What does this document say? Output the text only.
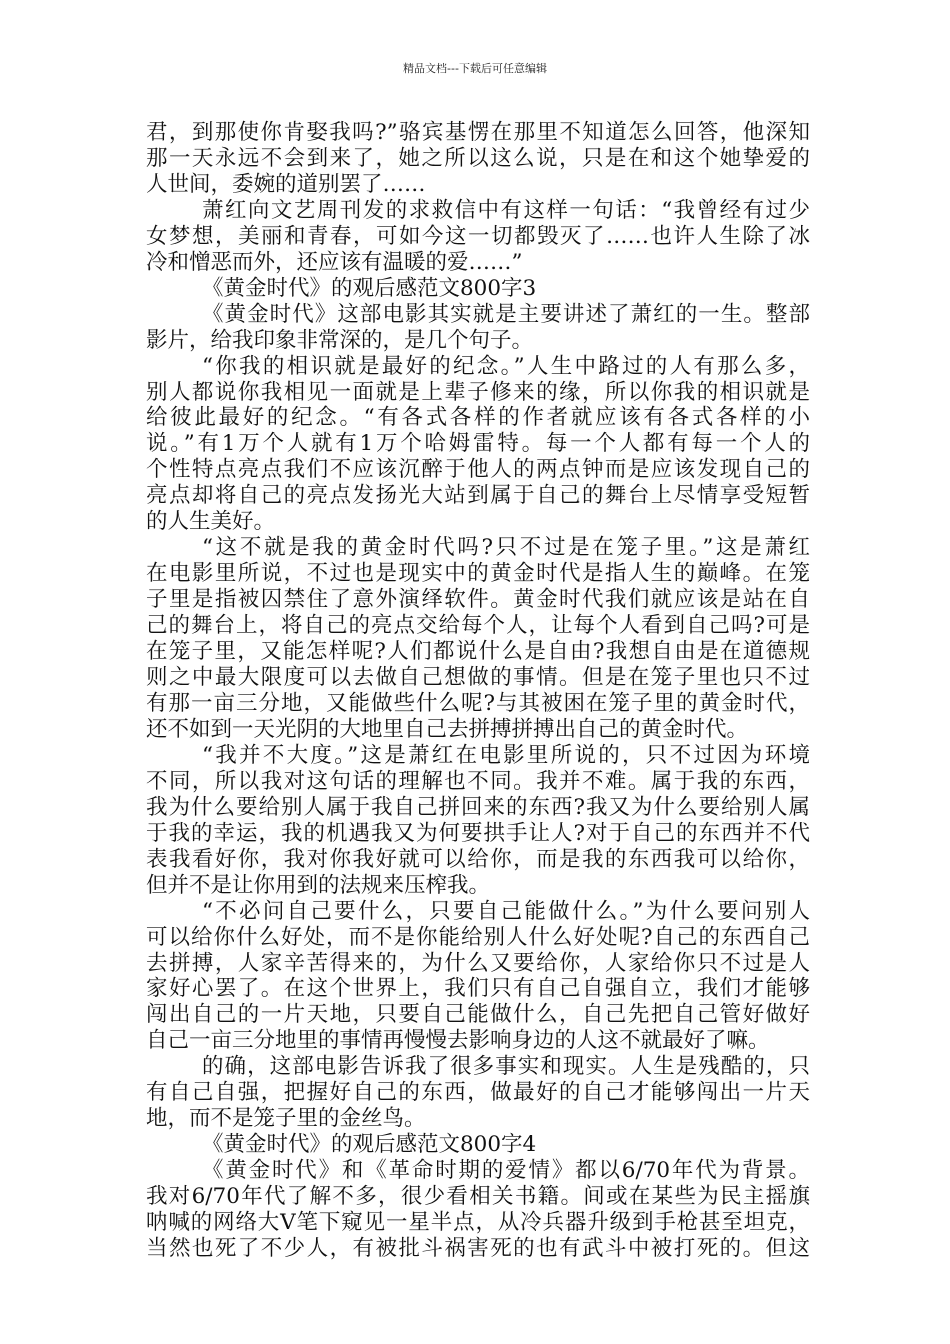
精品文档---下载后可任意编辑
君，到那使你肯娶我吗?”骆宾基愣在那里不知道怎么回答，他深知
那一天永远不会到来了，她之所以这么说，只是在和这个她挚爱的
人世间，委婉的道别罢了……
萧红向文艺周刊发的求救信中有这样一句话：“我曾经有过少
女梦想，美丽和青春，可如今这一切都毁灭了……也许人生除了冰
冷和憎恶而外，还应该有温暖的爱……”
《黄金时代》的观后感范文800字3
《黄金时代》这部电影其实就是主要讲述了萧红的一生。整部
影片，给我印象非常深的，是几个句子。
“你我的相识就是最好的纪念。”人生中路过的人有那么多，
别人都说你我相见一面就是上辈子修来的缘，所以你我的相识就是
给彼此最好的纪念。“有各式各样的作者就应该有各式各样的小
说。”有1万个人就有1万个哈姆雷特。每一个人都有每一个人的
个性特点亮点我们不应该沉醉于他人的两点钟而是应该发现自己的
亮点却将自己的亮点发扬光大站到属于自己的舞台上尽情享受短暂
的人生美好。
“这不就是我的黄金时代吗?只不过是在笼子里。”这是萧红
在电影里所说，不过也是现实中的黄金时代是指人生的巅峰。在笼
子里是指被囚禁住了意外演绎软件。黄金时代我们就应该是站在自
己的舞台上，将自己的亮点交给每个人，让每个人看到自己吗?可是
在笼子里，又能怎样呢?人们都说什么是自由?我想自由是在道德规
则之中最大限度可以去做自己想做的事情。但是在笼子里也只不过
有那一亩三分地，又能做些什么呢?与其被困在笼子里的黄金时代，
还不如到一天光阴的大地里自己去拼搏拼搏出自己的黄金时代。
“我并不大度。”这是萧红在电影里所说的，只不过因为环境
不同，所以我对这句话的理解也不同。我并不难。属于我的东西，
我为什么要给别人属于我自己拼回来的东西?我又为什么要给别人属
于我的幸运，我的机遇我又为何要拱手让人?对于自己的东西并不代
表我看好你，我对你我好就可以给你，而是我的东西我可以给你，
但并不是让你用到的法规来压榨我。
“不必问自己要什么，只要自己能做什么。”为什么要问别人
可以给你什么好处，而不是你能给别人什么好处呢?自己的东西自己
去拼搏，人家辛苦得来的，为什么又要给你，人家给你只不过是人
家好心罢了。在这个世界上，我们只有自己自强自立，我们才能够
闯出自己的一片天地，只要自己能做什么，自己先把自己管好做好
自己一亩三分地里的事情再慢慢去影响身边的人这不就最好了嘛。
的确，这部电影告诉我了很多事实和现实。人生是残酷的，只
有自己自强，把握好自己的东西，做最好的自己才能够闯出一片天
地，而不是笼子里的金丝鸟。
《黄金时代》的观后感范文800字4
《黄金时代》和《革命时期的爱情》都以6/70年代为背景。
我对6/70年代了解不多，很少看相关书籍。间或在某些为民主摇旗
呐喊的网络大V笔下窥见一星半点，从冷兵器升级到手枪甚至坦克，
当然也死了不少人，有被批斗祸害死的也有武斗中被打死的。但这
